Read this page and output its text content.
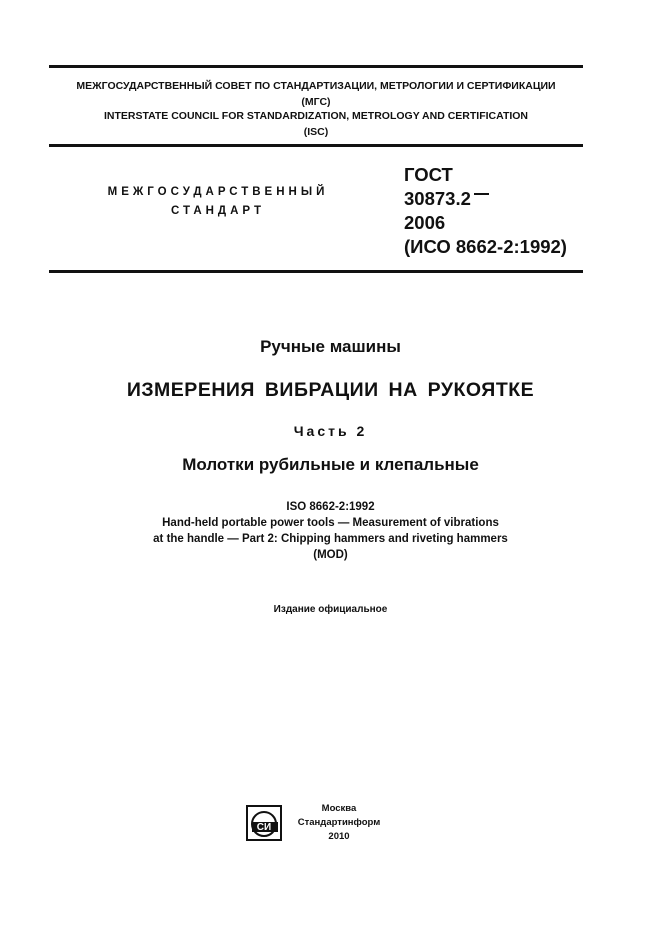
МЕЖГОСУДАРСТВЕННЫЙ СОВЕТ ПО СТАНДАРТИЗАЦИИ, МЕТРОЛОГИИ И СЕРТИФИКАЦИИ
(МГС)
INTERSTATE COUNCIL FOR STANDARDIZATION, METROLOGY AND CERTIFICATION
(ISC)
МЕЖГОСУДАРСТВЕННЫЙ
СТАНДАРТ
ГОСТ
30873.2
2006
(ИСО 8662-2:1992)
Ручные машины
ИЗМЕРЕНИЯ ВИБРАЦИИ НА РУКОЯТКЕ
Часть 2
Молотки рубильные и клепальные
ISO 8662-2:1992
Hand-held portable power tools — Measurement of vibrations
at the handle — Part 2: Chipping hammers and riveting hammers
(MOD)
Издание официальное
СИ
Москва
Стандартинформ
2010
